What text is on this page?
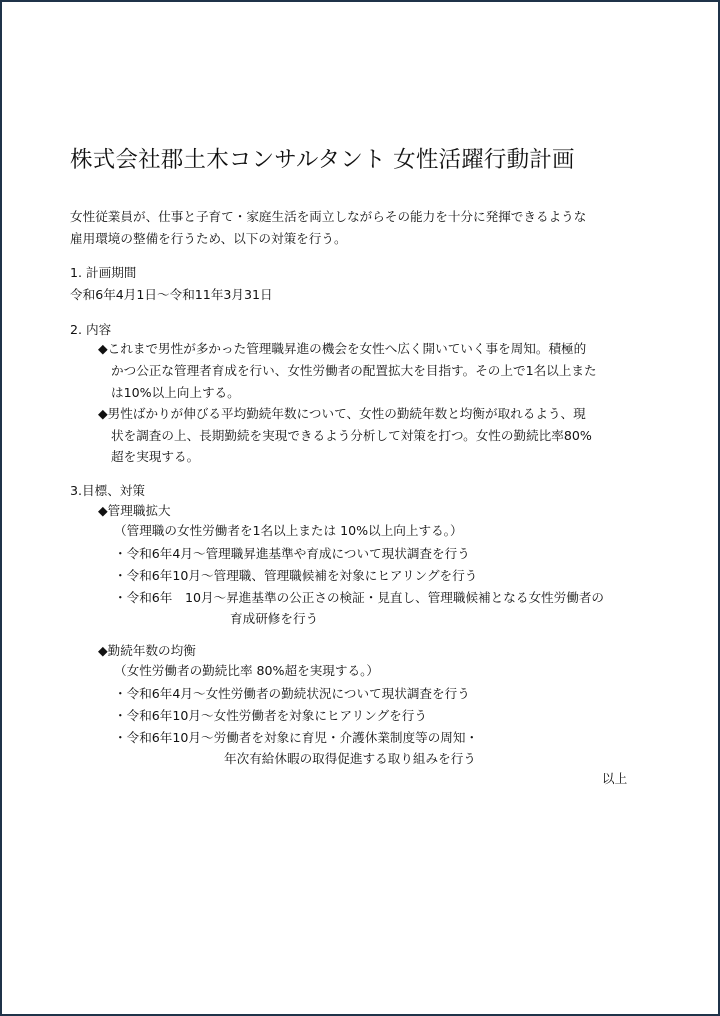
株式会社郡土木コンサルタント 女性活躍行動計画
女性従業員が、仕事と子育て・家庭生活を両立しながらその能力を十分に発揮できるような
雇用環境の整備を行うため、以下の対策を行う。
1. 計画期間
令和6年4月1日～令和11年3月31日
2. 内容
◆これまで男性が多かった管理職昇進の機会を女性へ広く開いていく事を周知。積極的
かつ公正な管理者育成を行い、女性労働者の配置拡大を目指す。その上で1名以上また
は10%以上向上する。
◆男性ばかりが伸びる平均勤続年数について、女性の勤続年数と均衡が取れるよう、現
状を調査の上、長期勤続を実現できるよう分析して対策を打つ。女性の勤続比率80%
超を実現する。
3.目標、対策
◆管理職拡大
（管理職の女性労働者を1名以上または 10%以上向上する。）
・令和6年4月～管理職昇進基準や育成について現状調査を行う
・令和6年10月～管理職、管理職候補を対象にヒアリングを行う
・令和6年　10月～昇進基準の公正さの検証・見直し、管理職候補となる女性労働者の
育成研修を行う
◆勤続年数の均衡
（女性労働者の勤続比率 80%超を実現する。）
・令和6年4月～女性労働者の勤続状況について現状調査を行う
・令和6年10月～女性労働者を対象にヒアリングを行う
・令和6年10月～労働者を対象に育児・介護休業制度等の周知・
年次有給休暇の取得促進する取り組みを行う
以上
